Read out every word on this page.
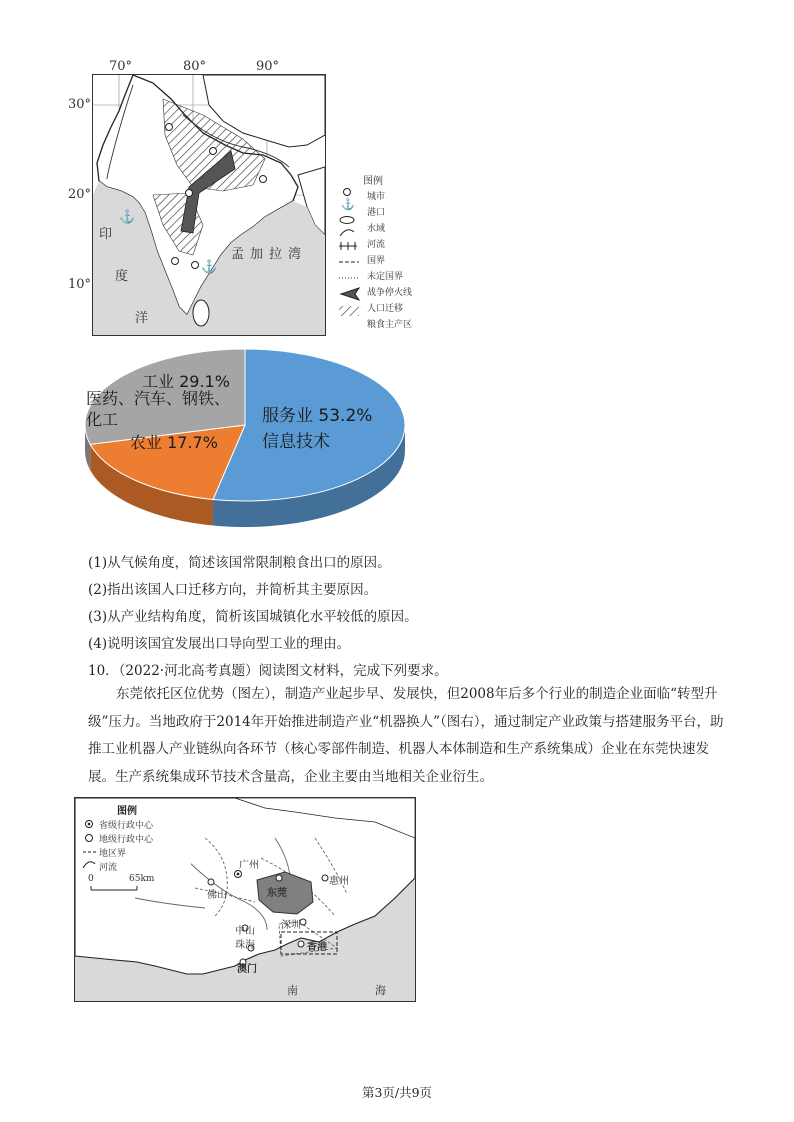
70°	80°	90°
30°
20°
10°
⚓
⚓
印
度
洋
孟加拉湾
图例
⚓
城市
港口
水域
河流
国界
未定国界
战争停火线
人口迁移
粮食主产区
服务业 53.2%
信息技术
工业 29.1%
医药、汽车、钢铁、
化工
农业 17.7%
(1)从气候角度，简述该国常限制粮食出口的原因。
(2)指出该国人口迁移方向，并简析其主要原因。
(3)从产业结构角度，简析该国城镇化水平较低的原因。
(4)说明该国宜发展出口导向型工业的理由。
10．（2022·河北高考真题）阅读图文材料，完成下列要求。
东莞依托区位优势（图左），制造产业起步早、发展快，但2008年后多个行业的制造企业面临“转型升级”压力。当地政府于2014年开始推进制造产业“机器换人”（图右），通过制定产业政策与搭建服务平台，助推工业机器人产业链纵向各环节（核心零部件制造、机器人本体制造和生产系统集成）企业在东莞快速发展。生产系统集成环节技术含量高，企业主要由当地相关企业衍生。
图例
省级行政中心
地级行政中心
地区界
河流
0	65km
广州
佛山	东莞
惠州
深圳
中山
珠海	香港
澳门
南	海
第3页/共9页
